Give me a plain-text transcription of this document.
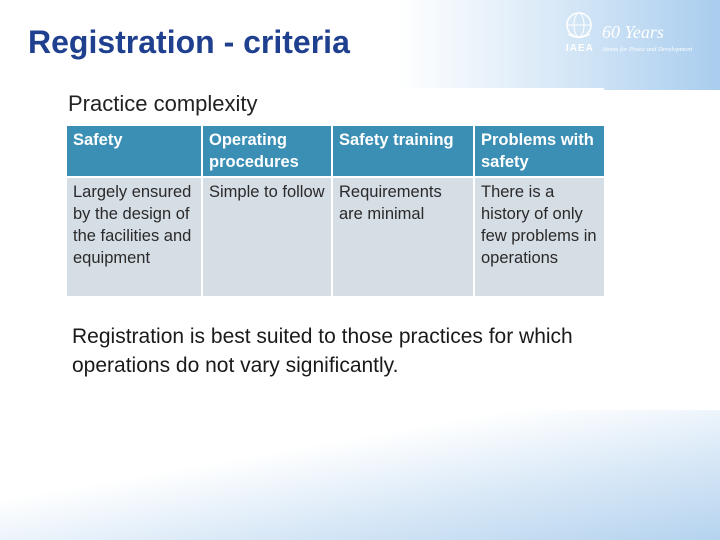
Registration - criteria	IAEA
60 Years
Atoms for Peace and Development
Practice complexity
Safety	Operating procedures	Safety training	Problems with safety
Largely ensured by the design of the facilities and equipment	Simple to follow	Requirements are minimal	There is a history of only few problems in operations
Registration is best suited to those practices for which operations do not vary significantly.
